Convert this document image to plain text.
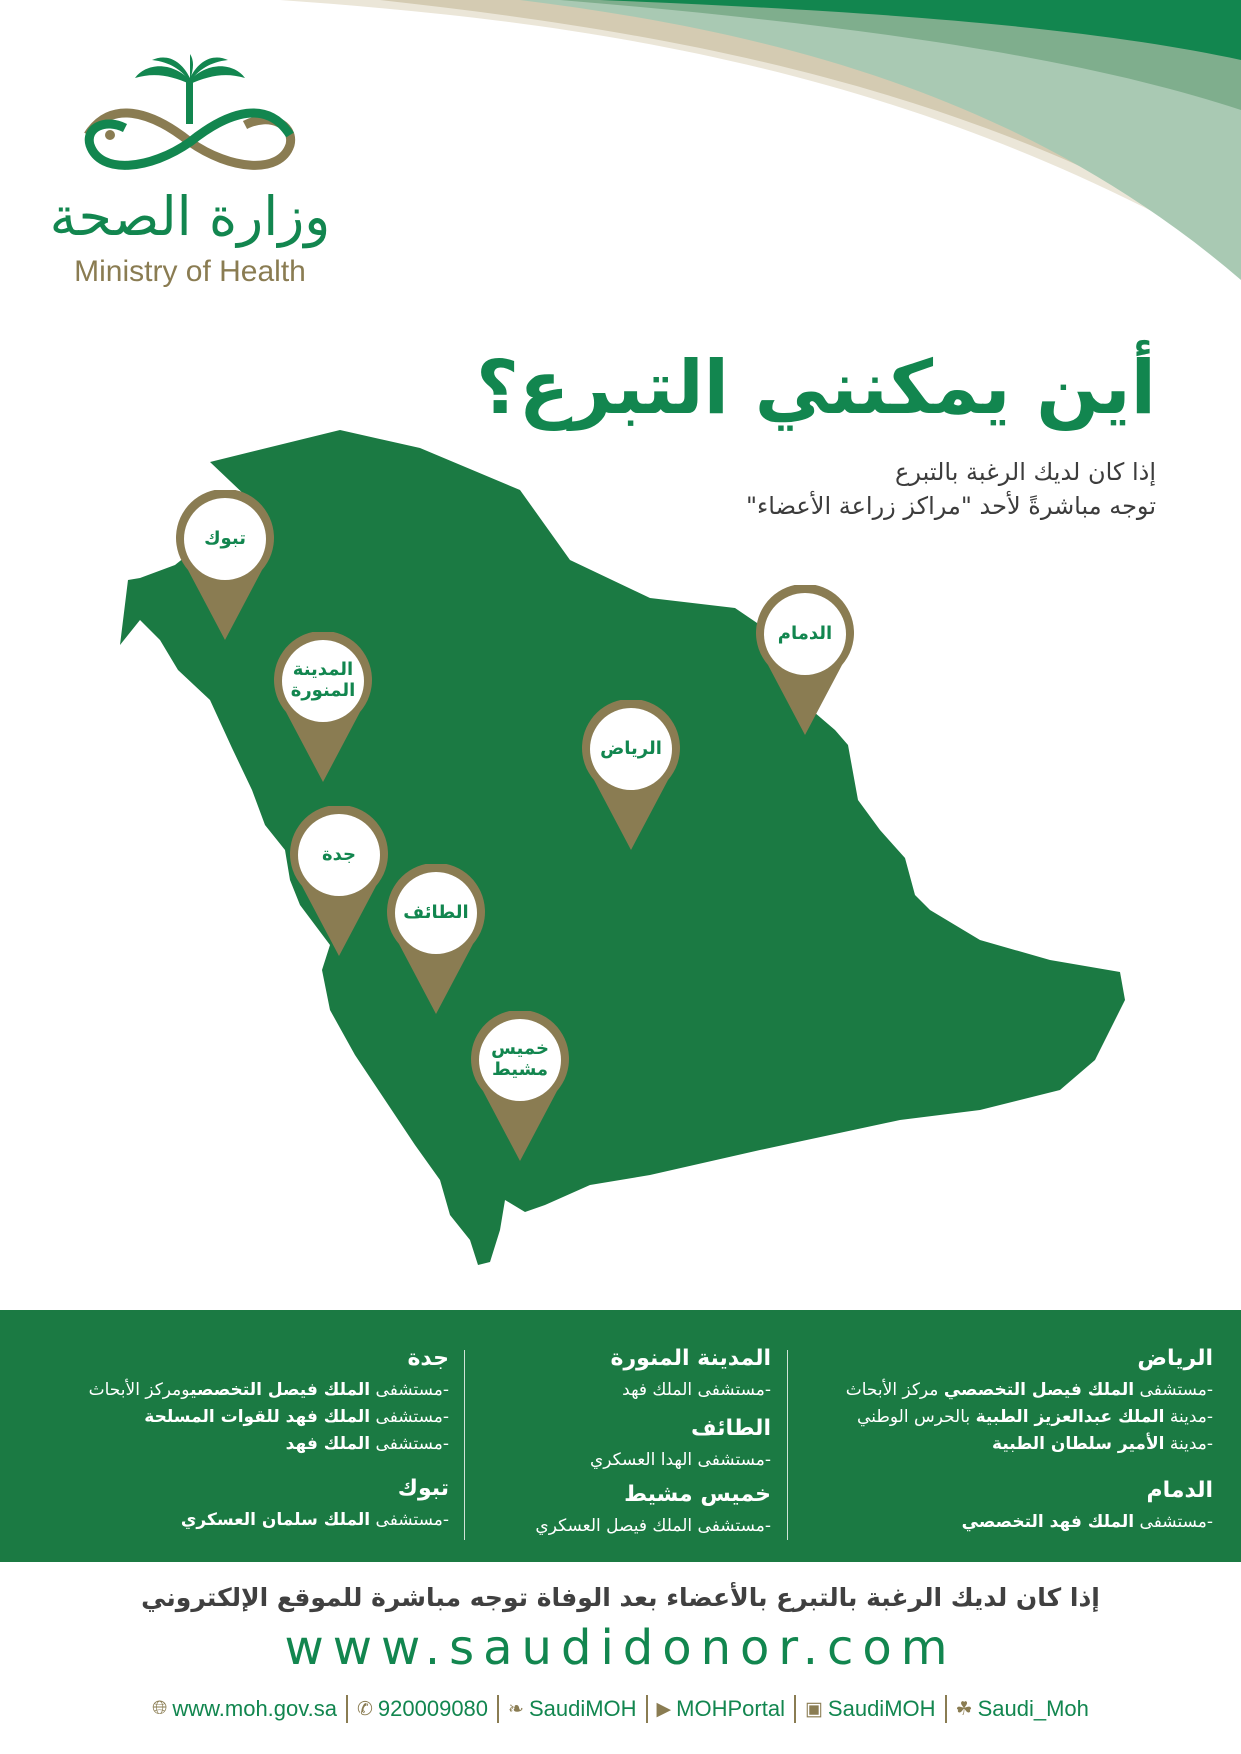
وزارة الصحة
Ministry of Health
أين يمكنني التبرع؟
إذا كان لديك الرغبة بالتبرع
توجه مباشرةً لأحد "مراكز زراعة الأعضاء"
تبوك
المدينة المنورة
جدة
الطائف
خميس مشيط
الرياض
الدمام
الرياض
-مستشفى الملك فيصل التخصصي مركز الأبحاث
-مدينة الملك عبدالعزيز الطبية بالحرس الوطني
-مدينة الأمير سلطان الطبية
الدمام
-مستشفى الملك فهد التخصصي
المدينة المنورة
-مستشفى الملك فهد
الطائف
-مستشفى الهدا العسكري
خميس مشيط
-مستشفى الملك فيصل العسكري
جدة
-مستشفى الملك فيصل التخصصيومركز الأبحاث
-مستشفى الملك فهد للقوات المسلحة
-مستشفى الملك فهد
تبوك
-مستشفى الملك سلمان العسكري
إذا كان لديك الرغبة بالتبرع بالأعضاء بعد الوفاة توجه مباشرة للموقع الإلكتروني
www.saudidonor.com
🌐︎ www.moh.gov.sa ✆ 920009080 ❧ SaudiMOH ▶ MOHPortal ▣ SaudiMOH ☘ Saudi_Moh
